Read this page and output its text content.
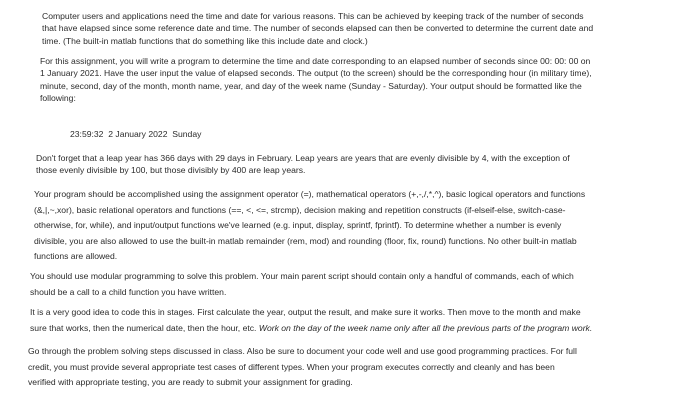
Computer users and applications need the time and date for various reasons. This can be achieved by keeping track of the number of seconds
that have elapsed since some reference date and time. The number of seconds elapsed can then be converted to determine the current date and
time. (The built-in matlab functions that do something like this include date and clock.)

For this assignment, you will write a program to determine the time and date corresponding to an elapsed number of seconds since 00: 00: 00 on
1 January 2021. Have the user input the value of elapsed seconds. The output (to the screen) should be the corresponding hour (in military time),
minute, second, day of the month, month name, year, and day of the week name (Sunday - Saturday). Your output should be formatted like the
following:

23:59:32  2 January 2022  Sunday

Don't forget that a leap year has 366 days with 29 days in February. Leap years are years that are evenly divisible by 4, with the exception of
those evenly divisible by 100, but those divisibly by 400 are leap years.

Your program should be accomplished using the assignment operator (=), mathematical operators (+,-,/,*,^), basic logical operators and functions
(&,|,~,xor), basic relational operators and functions (==, <, <=, strcmp), decision making and repetition constructs (if-elseif-else, switch-case-
otherwise, for, while), and input/output functions we've learned (e.g. input, display, sprintf, fprintf). To determine whether a number is evenly
divisible, you are also allowed to use the built-in matlab remainder (rem, mod) and rounding (floor, fix, round) functions. No other built-in matlab
functions are allowed.

You should use modular programming to solve this problem. Your main parent script should contain only a handful of commands, each of which
should be a call to a child function you have written.

It is a very good idea to code this in stages. First calculate the year, output the result, and make sure it works. Then move to the month and make
sure that works, then the numerical date, then the hour, etc. Work on the day of the week name only after all the previous parts of the program work.

Go through the problem solving steps discussed in class. Also be sure to document your code well and use good programming practices. For full
credit, you must provide several appropriate test cases of different types. When your program executes correctly and cleanly and has been
verified with appropriate testing, you are ready to submit your assignment for grading.
